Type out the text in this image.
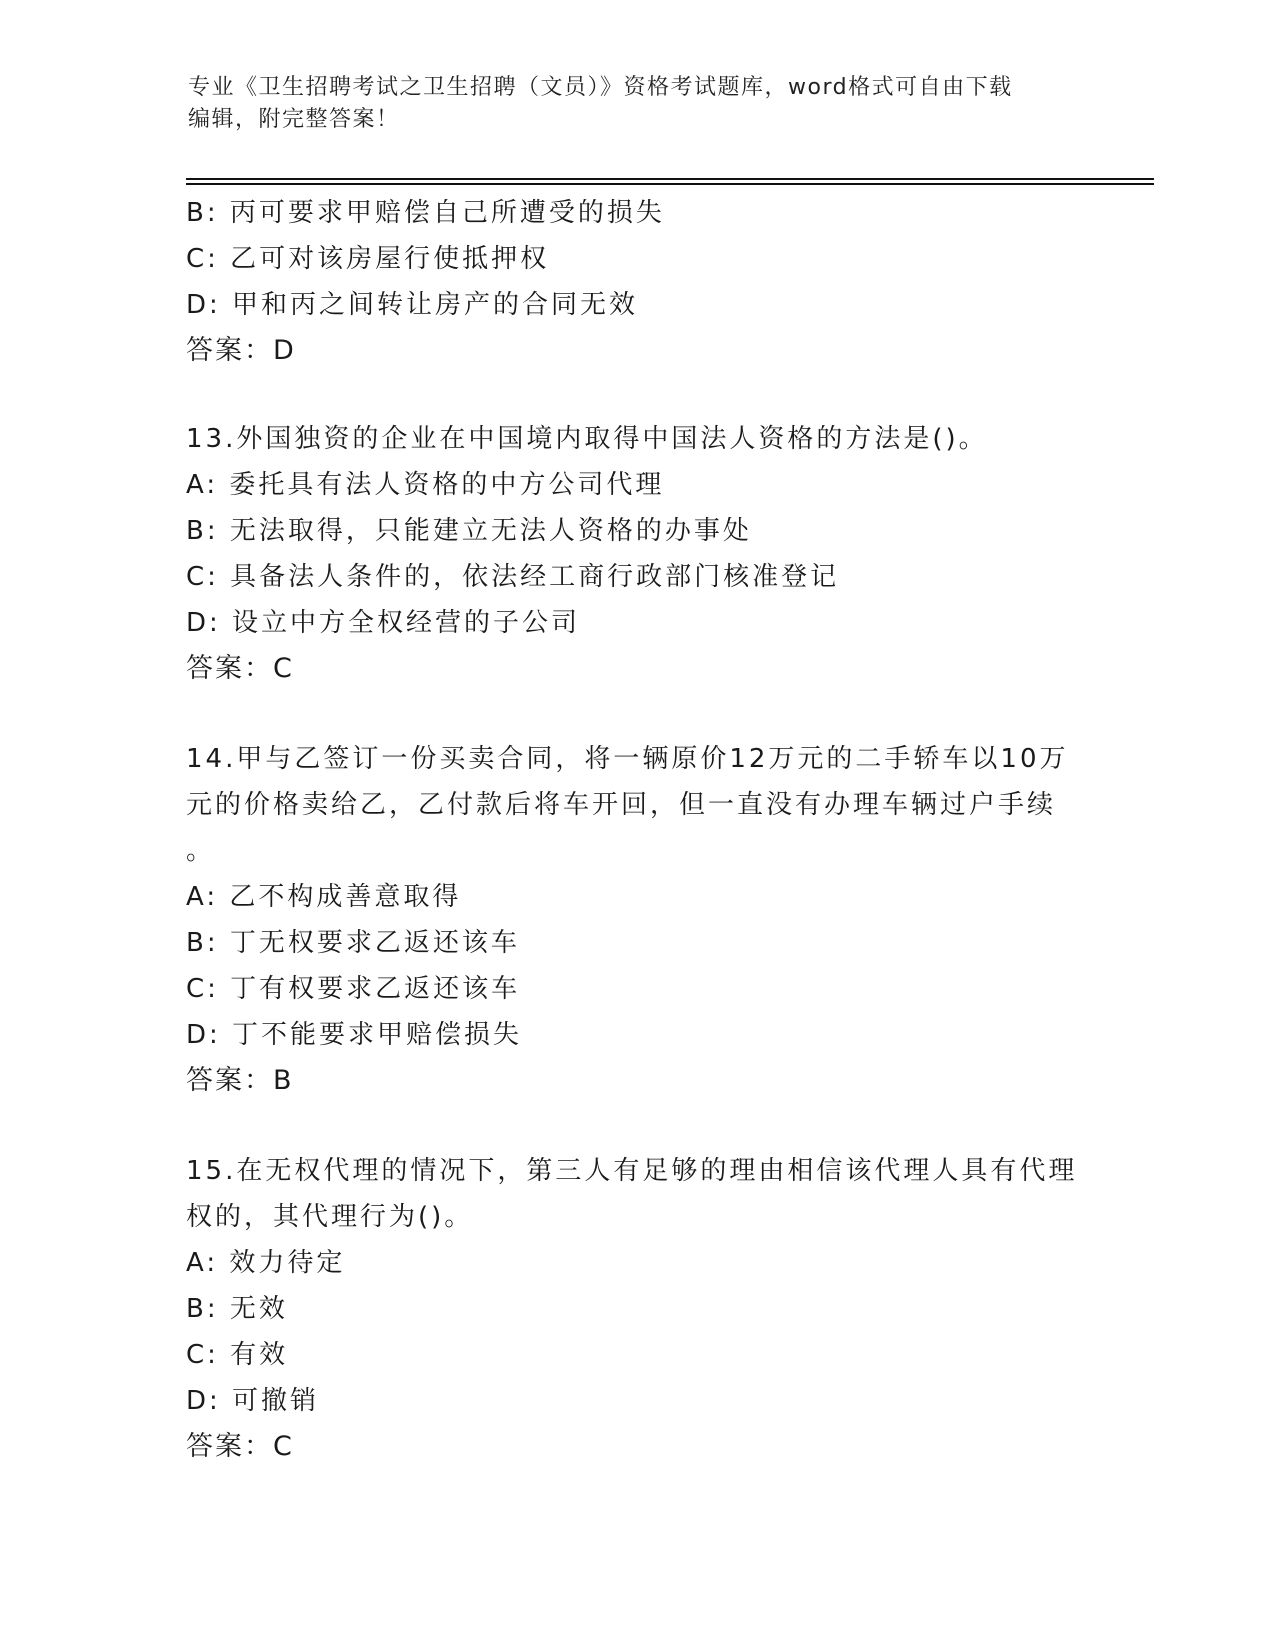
专业《卫生招聘考试之卫生招聘（文员）》资格考试题库，word格式可自由下载
编辑，附完整答案！
B: 丙可要求甲赔偿自己所遭受的损失
C: 乙可对该房屋行使抵押权
D: 甲和丙之间转让房产的合同无效
答案：D
13.外国独资的企业在中国境内取得中国法人资格的方法是()。
A: 委托具有法人资格的中方公司代理
B: 无法取得，只能建立无法人资格的办事处
C: 具备法人条件的，依法经工商行政部门核准登记
D: 设立中方全权经营的子公司
答案：C
14.甲与乙签订一份买卖合同，将一辆原价12万元的二手轿车以10万
元的价格卖给乙，乙付款后将车开回，但一直没有办理车辆过户手续
。
A: 乙不构成善意取得
B: 丁无权要求乙返还该车
C: 丁有权要求乙返还该车
D: 丁不能要求甲赔偿损失
答案：B
15.在无权代理的情况下，第三人有足够的理由相信该代理人具有代理
权的，其代理行为()。
A: 效力待定
B: 无效
C: 有效
D: 可撤销
答案：C
